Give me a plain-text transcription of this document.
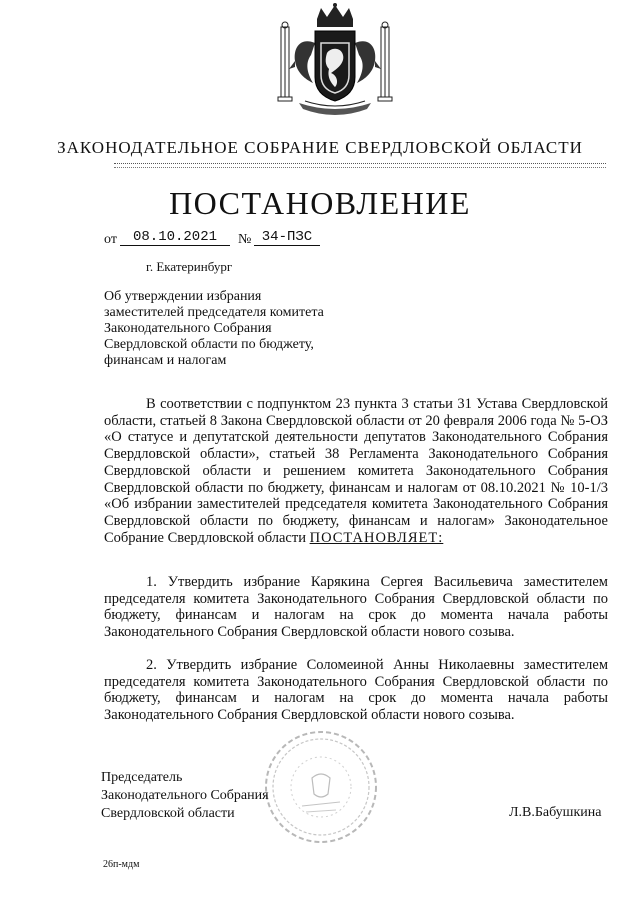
ЗАКОНОДАТЕЛЬНОЕ СОБРАНИЕ СВЕРДЛОВСКОЙ ОБЛАСТИ
ПОСТАНОВЛЕНИЕ
от	08.10.2021	№ 34-ПЗС
г. Екатеринбург
Об утверждении избрания заместителей председателя комитета Законодательного Собрания Свердловской области по бюджету, финансам и налогам
В соответствии с подпунктом 23 пункта 3 статьи 31 Устава Свердловской области, статьей 8 Закона Свердловской области от 20 февраля 2006 года № 5-ОЗ «О статусе и депутатской деятельности депутатов Законодательного Собрания Свердловской области», статьей 38 Регламента Законодательного Собрания Свердловской области и решением комитета Законодательного Собрания Свердловской области по бюджету, финансам и налогам от 08.10.2021 № 10-1/3 «Об избрании заместителей председателя комитета Законодательного Собрания Свердловской области по бюджету, финансам и налогам» Законодательное Собрание Свердловской области ПОСТАНОВЛЯЕТ:
1. Утвердить избрание Карякина Сергея Васильевича заместителем председателя комитета Законодательного Собрания Свердловской области по бюджету, финансам и налогам на срок до момента начала работы Законодательного Собрания Свердловской области нового созыва.
2. Утвердить избрание Соломеиной Анны Николаевны заместителем председателя комитета Законодательного Собрания Свердловской области по бюджету, финансам и налогам на срок до момента начала работы Законодательного Собрания Свердловской области нового созыва.
Председатель
Законодательного Собрания
Свердловской области	Л.В.Бабушкина
26п-мдм
